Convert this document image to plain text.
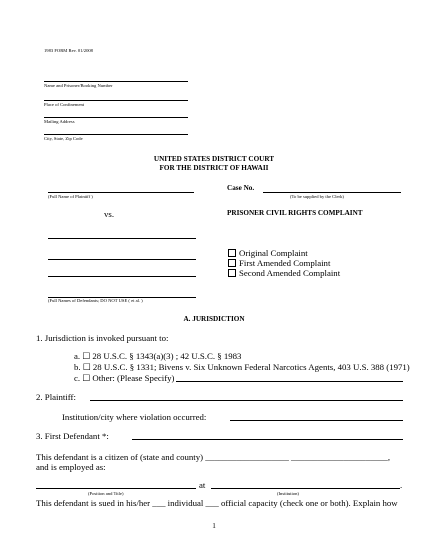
1983 FORM Rev. 01/2008
Name and Prisoner/Booking Number
Place of Confinement
Mailing Address
City, State, Zip Code
UNITED STATES DISTRICT COURT
FOR THE DISTRICT OF HAWAII
(Full Name of Plaintiff )
Case No.
(To be supplied by the Clerk)
vs.	PRISONER CIVIL RIGHTS COMPLAINT
(Full Names of Defendants; DO NOT USE ( et al. )
Original Complaint
First Amended Complaint
Second Amended Complaint
A. JURISDICTION
1. Jurisdiction is invoked pursuant to:
a. ☐ 28 U.S.C. § 1343(a)(3) ; 42 U.S.C. § 1983
b. ☐ 28 U.S.C. § 1331; Bivens v. Six Unknown Federal Narcotics Agents, 403 U.S. 388 (1971)
c. ☐ Other: (Please Specify)
2. Plaintiff:
Institution/city where violation occurred:
3. First Defendant *:
This defendant is a citizen of (state and county) ___________________ ______________________,
and is employed as:
at	.
(Position and Title)	(Institution)
This defendant is sued in his/her ___ individual ___ official capacity (check one or both). Explain how
1
